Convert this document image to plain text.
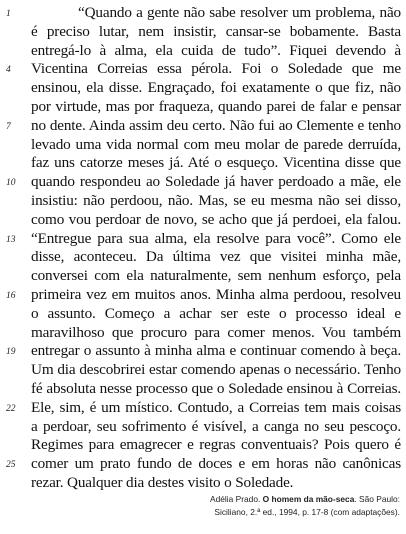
1	“Quando a gente não sabe resolver um problema, não
é preciso lutar, nem insistir, cansar-se bobamente. Basta
entregá-lo à alma, ela cuida de tudo”. Fiquei devendo à
4	Vicentina Correias essa pérola. Foi o Soledade que me
ensinou, ela disse. Engraçado, foi exatamente o que fiz, não
por virtude, mas por fraqueza, quando parei de falar e pensar
7	no dente. Ainda assim deu certo. Não fui ao Clemente e tenho
levado uma vida normal com meu molar de parede derruída,
faz uns catorze meses já. Até o esqueço. Vicentina disse que
10 quando respondeu ao Soledade já haver perdoado a mãe, ele
insistiu: não perdoou, não. Mas, se eu mesma não sei disso,
como vou perdoar de novo, se acho que já perdoei, ela falou.
13 “Entregue para sua alma, ela resolve para você”. Como ele
disse, aconteceu. Da última vez que visitei minha mãe,
conversei com ela naturalmente, sem nenhum esforço, pela
16 primeira vez em muitos anos. Minha alma perdoou, resolveu
o assunto. Começo a achar ser este o processo ideal e
maravilhoso que procuro para comer menos. Vou também
19 entregar o assunto à minha alma e continuar comendo à beça.
Um dia descobrirei estar comendo apenas o necessário. Tenho
fé absoluta nesse processo que o Soledade ensinou à Correias.
22 Ele, sim, é um místico. Contudo, a Correias tem mais coisas
a perdoar, seu sofrimento é visível, a canga no seu pescoço.
Regimes para emagrecer e regras conventuais? Pois quero é
25 comer um prato fundo de doces e em horas não canônicas
rezar. Qualquer dia destes visito o Soledade.
Adélia Prado. O homem da mão-seca. São Paulo:
Siciliano, 2.ª ed., 1994, p. 17-8 (com adaptações).
